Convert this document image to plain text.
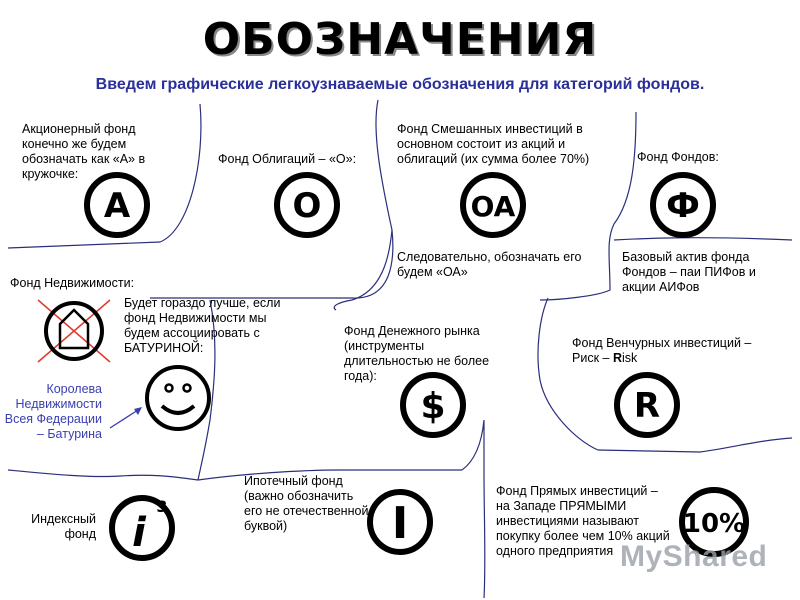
ОБОЗНАЧЕНИЯ
Введем графические легкоузнаваемые обозначения для категорий фондов.
Акционерный фонд конечно же будем обозначать как «А» в кружочке:
A
Фонд Облигаций – «О»:
O
Фонд Смешанных инвестиций в основном состоит из акций и облигаций (их сумма более 70%)
OA
Следовательно, обозначать его будем «ОА»
Фонд Фондов:
Ф
Базовый актив фонда Фондов – паи ПИФов и акции АИФов
Фонд Недвижимости:
Будет гораздо лучше, если фонд Недвижимости мы будем ассоциировать с БАТУРИНОЙ:
Королева Недвижимости Всея Федерации – Батурина
Фонд Денежного рынка (инструменты длительностью не более года):
$
Фонд Венчурных инвестиций – Риск – Risk
R
Индексный фонд i
3
Ипотечный фонд (важно обозначить его не отечественной буквой)	I
Фонд Прямых инвестиций – на Западе ПРЯМЫМИ инвестициями называют покупку более чем 10% акций одного предприятия
10%
MyShared
